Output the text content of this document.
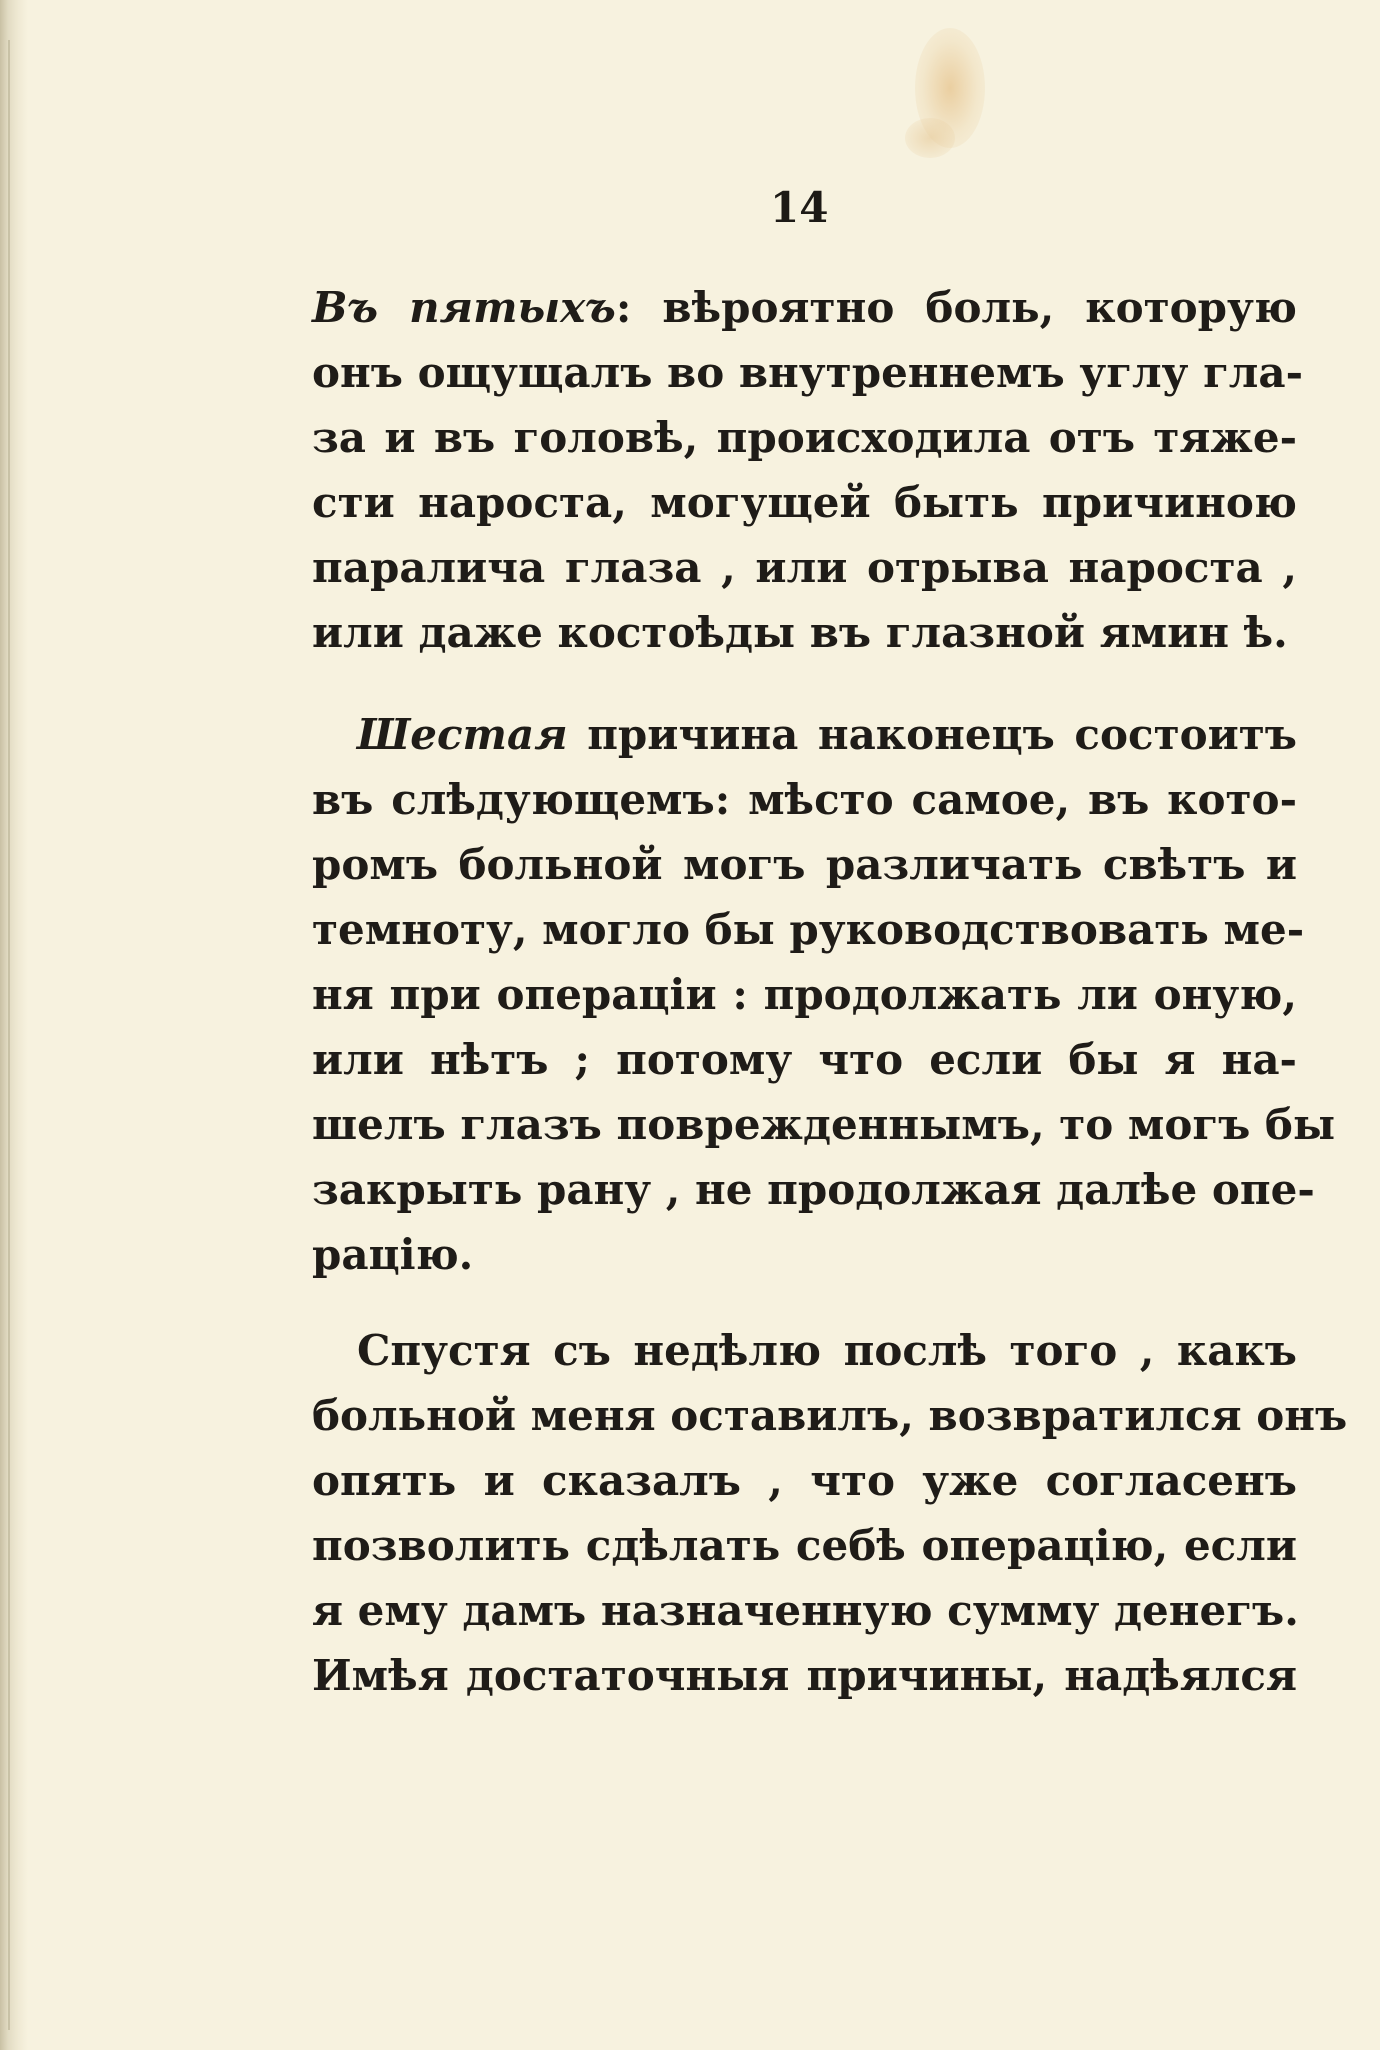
14
Въ пятыхъ: вѣроятно боль, которую
онъ ощущалъ во внутреннемъ углу гла-
за и въ головѣ, происходила отъ тяже-
сти нароста, могущей быть причиною
паралича глаза , или отрыва нароста ,
или даже костоѣды въ глазной ямин ѣ.
Шестая причина наконецъ состоитъ
въ слѣдующемъ: мѣсто самое, въ кото-
ромъ больной могъ различать свѣтъ и
темноту, могло бы руководствовать ме-
ня при операціи : продолжать ли оную,
или нѣтъ ; потому что если бы я на-
шелъ глазъ поврежденнымъ, то могъ бы
закрыть рану , не продолжая далѣе опе-
рацію.
Спустя съ недѣлю послѣ того , какъ
больной меня оставилъ, возвратился онъ
опять и сказалъ , что уже согласенъ
позволить сдѣлать себѣ операцію, если
я ему дамъ назначенную сумму денегъ.
Имѣя достаточныя причины, надѣялся
